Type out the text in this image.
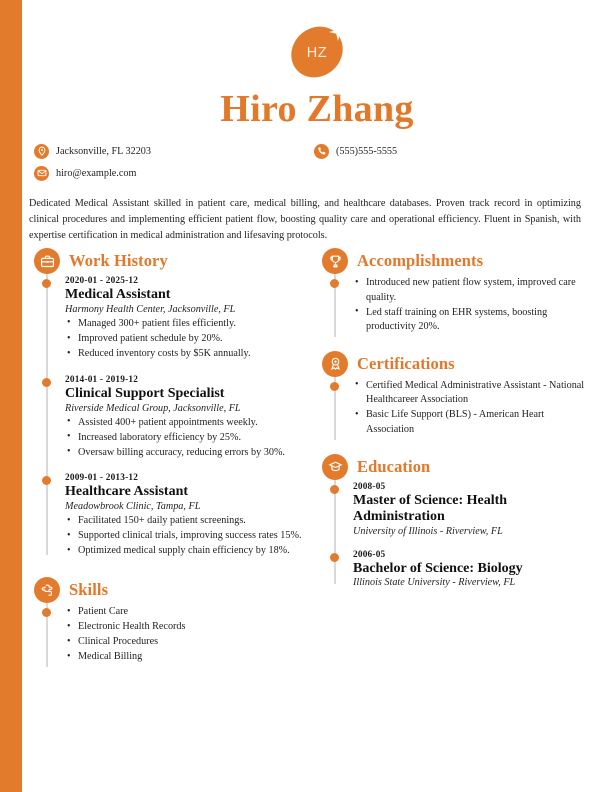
HZ
Hiro Zhang
Jacksonville, FL 32203
hiro@example.com
(555)555-5555
Dedicated Medical Assistant skilled in patient care, medical billing, and healthcare databases. Proven track record in optimizing clinical procedures and implementing efficient patient flow, boosting quality care and operational efficiency. Fluent in Spanish, with expertise certification in medical administration and lifesaving protocols.
Work History
2020-01 - 2025-12
Medical Assistant
Harmony Health Center, Jacksonville, FL
• Managed 300+ patient files efficiently.
• Improved patient schedule by 20%.
• Reduced inventory costs by $5K annually.
2014-01 - 2019-12
Clinical Support Specialist
Riverside Medical Group, Jacksonville, FL
• Assisted 400+ patient appointments weekly.
• Increased laboratory efficiency by 25%.
• Oversaw billing accuracy, reducing errors by 30%.
2009-01 - 2013-12
Healthcare Assistant
Meadowbrook Clinic, Tampa, FL
• Facilitated 150+ daily patient screenings.
• Supported clinical trials, improving success rates 15%.
• Optimized medical supply chain efficiency by 18%.
Skills
• Patient Care
• Electronic Health Records
• Clinical Procedures
• Medical Billing
Accomplishments
• Introduced new patient flow system, improved care quality.
• Led staff training on EHR systems, boosting productivity 20%.
Certifications
• Certified Medical Administrative Assistant - National Healthcareer Association
• Basic Life Support (BLS) - American Heart Association
Education
2008-05
Master of Science: Health Administration
University of Illinois - Riverview, FL
2006-05
Bachelor of Science: Biology
Illinois State University - Riverview, FL
